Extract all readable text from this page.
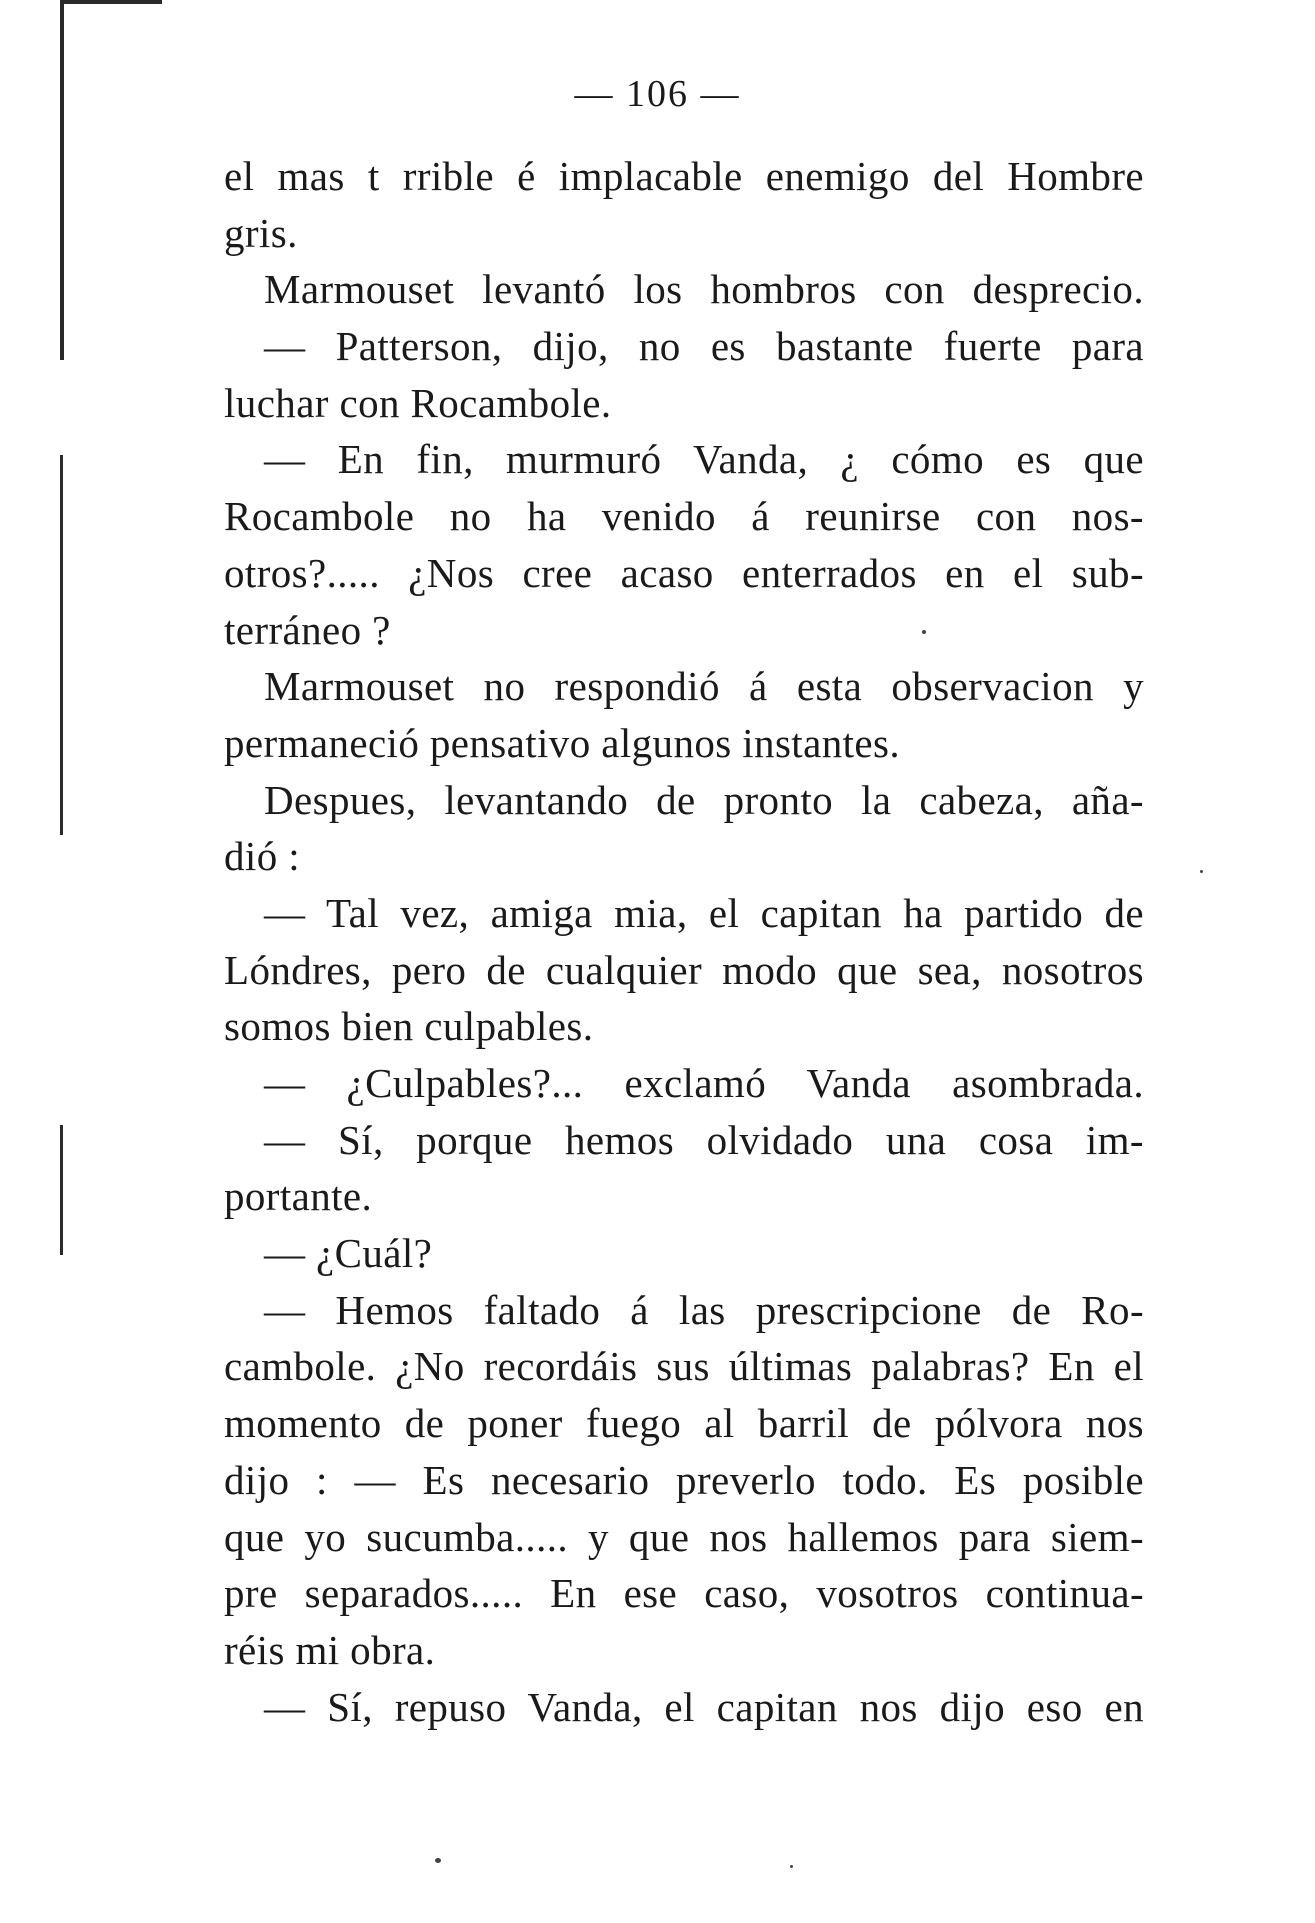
— 106 —
el mas t rrible é implacable enemigo del Hombre
gris.
Marmouset levantó los hombros con desprecio.
— Patterson, dijo, no es bastante fuerte para
luchar con Rocambole.
— En fin, murmuró Vanda, ¿ cómo es que
Rocambole no ha venido á reunirse con nos-
otros?..... ¿Nos cree acaso enterrados en el sub-
terráneo ?
Marmouset no respondió á esta observacion y
permaneció pensativo algunos instantes.
Despues, levantando de pronto la cabeza, aña-
dió :
— Tal vez, amiga mia, el capitan ha partido de
Lóndres, pero de cualquier modo que sea, nosotros
somos bien culpables.
— ¿Culpables?... exclamó Vanda asombrada.
— Sí, porque hemos olvidado una cosa im-
portante.
— ¿Cuál?
— Hemos faltado á las prescripcione de Ro-
cambole. ¿No recordáis sus últimas palabras? En el
momento de poner fuego al barril de pólvora nos
dijo : — Es necesario preverlo todo. Es posible
que yo sucumba..... y que nos hallemos para siem-
pre separados..... En ese caso, vosotros continua-
réis mi obra.
— Sí, repuso Vanda, el capitan nos dijo eso en
